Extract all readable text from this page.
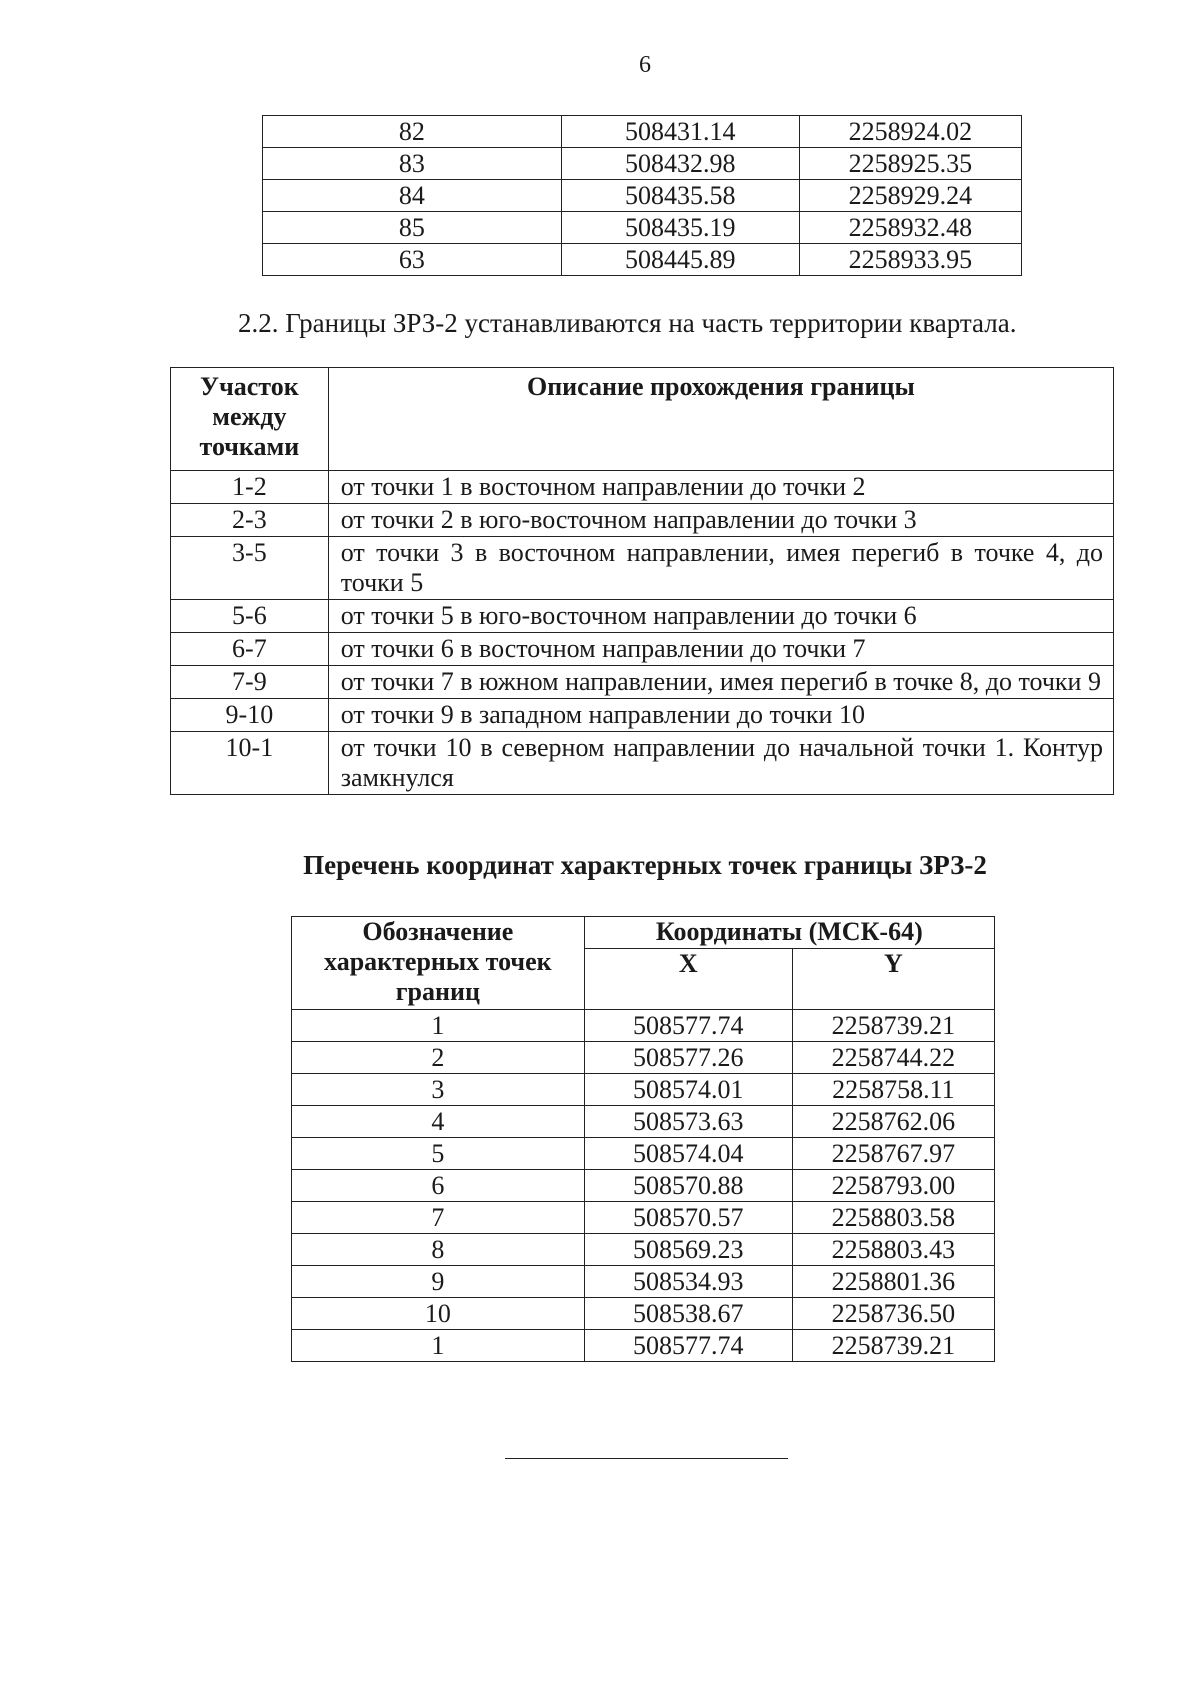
6
82	508431.14	2258924.02
83	508432.98	2258925.35
84	508435.58	2258929.24
85	508435.19	2258932.48
63	508445.89	2258933.95
2.2. Границы ЗРЗ-2 устанавливаются на часть территории квартала.
Участок между точками	Описание прохождения границы
1-2	от точки 1 в восточном направлении до точки 2
2-3	от точки 2 в юго-восточном направлении до точки 3
3-5	от точки 3 в восточном направлении, имея перегиб в точке 4, до точки 5
5-6	от точки 5 в юго-восточном направлении до точки 6
6-7	от точки 6 в восточном направлении до точки 7
7-9	от точки 7 в южном направлении, имея перегиб в точке 8, до точки 9
9-10	от точки 9 в западном направлении до точки 10
10-1	от точки 10 в северном направлении до начальной точки 1. Контур замкнулся
Перечень координат характерных точек границы ЗРЗ-2
Обозначение характерных точек границ	Координаты (МСК-64)	
	X	Y
1	508577.74	2258739.21
2	508577.26	2258744.22
3	508574.01	2258758.11
4	508573.63	2258762.06
5	508574.04	2258767.97
6	508570.88	2258793.00
7	508570.57	2258803.58
8	508569.23	2258803.43
9	508534.93	2258801.36
10	508538.67	2258736.50
1	508577.74	2258739.21
